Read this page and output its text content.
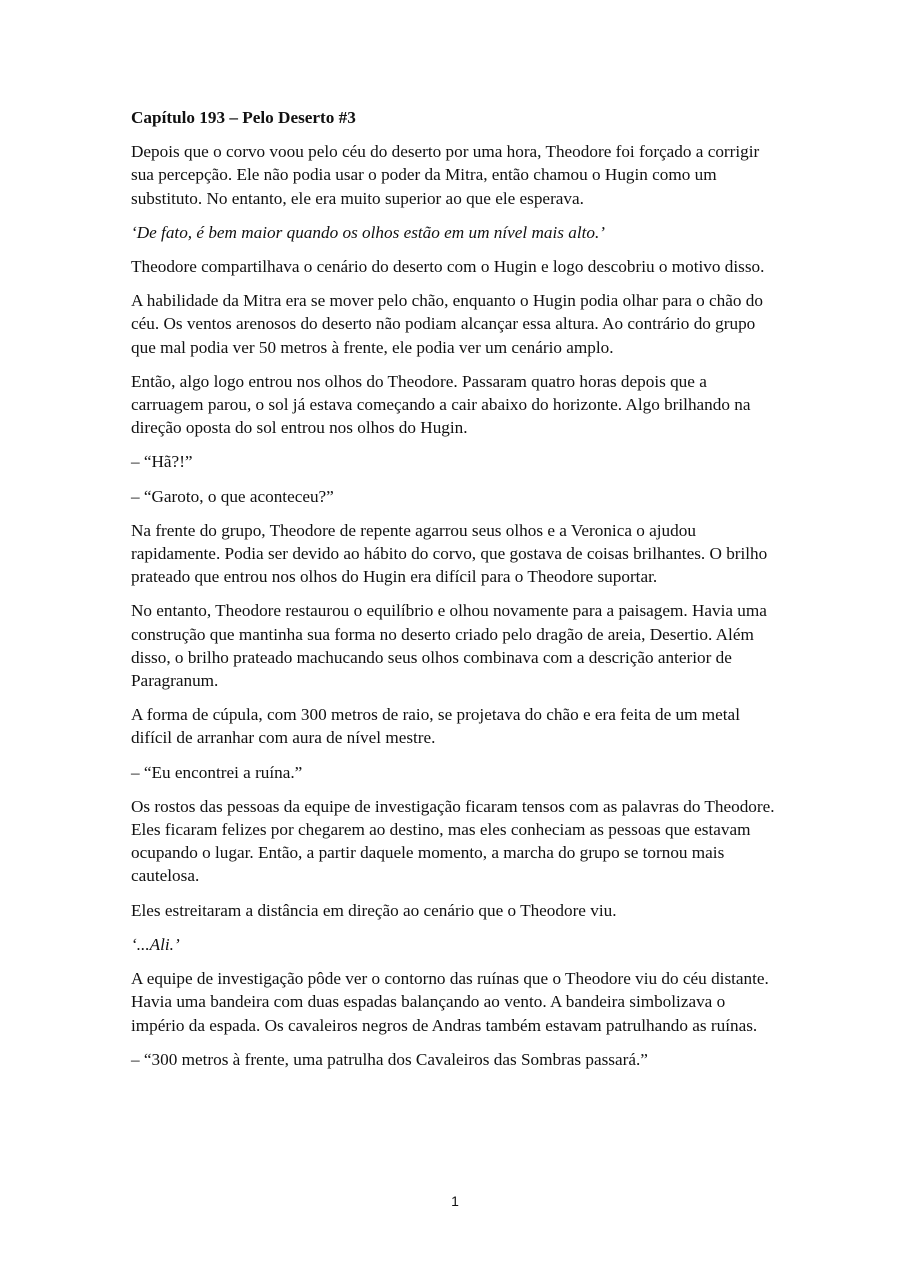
Capítulo 193 – Pelo Deserto #3

Depois que o corvo voou pelo céu do deserto por uma hora, Theodore foi forçado a corrigir sua percepção. Ele não podia usar o poder da Mitra, então chamou o Hugin como um substituto. No entanto, ele era muito superior ao que ele esperava.

‘De fato, é bem maior quando os olhos estão em um nível mais alto.’

Theodore compartilhava o cenário do deserto com o Hugin e logo descobriu o motivo disso.

A habilidade da Mitra era se mover pelo chão, enquanto o Hugin podia olhar para o chão do céu. Os ventos arenosos do deserto não podiam alcançar essa altura. Ao contrário do grupo que mal podia ver 50 metros à frente, ele podia ver um cenário amplo.

Então, algo logo entrou nos olhos do Theodore. Passaram quatro horas depois que a carruagem parou, o sol já estava começando a cair abaixo do horizonte. Algo brilhando na direção oposta do sol entrou nos olhos do Hugin.

– “Hã?!”

– “Garoto, o que aconteceu?”

Na frente do grupo, Theodore de repente agarrou seus olhos e a Veronica o ajudou rapidamente. Podia ser devido ao hábito do corvo, que gostava de coisas brilhantes. O brilho prateado que entrou nos olhos do Hugin era difícil para o Theodore suportar.

No entanto, Theodore restaurou o equilíbrio e olhou novamente para a paisagem. Havia uma construção que mantinha sua forma no deserto criado pelo dragão de areia, Desertio. Além disso, o brilho prateado machucando seus olhos combinava com a descrição anterior de Paragranum.

A forma de cúpula, com 300 metros de raio, se projetava do chão e era feita de um metal difícil de arranhar com aura de nível mestre.

– “Eu encontrei a ruína.”

Os rostos das pessoas da equipe de investigação ficaram tensos com as palavras do Theodore. Eles ficaram felizes por chegarem ao destino, mas eles conheciam as pessoas que estavam ocupando o lugar. Então, a partir daquele momento, a marcha do grupo se tornou mais cautelosa.

Eles estreitaram a distância em direção ao cenário que o Theodore viu.

‘...Ali.’

A equipe de investigação pôde ver o contorno das ruínas que o Theodore viu do céu distante. Havia uma bandeira com duas espadas balançando ao vento. A bandeira simbolizava o império da espada. Os cavaleiros negros de Andras também estavam patrulhando as ruínas.

– “300 metros à frente, uma patrulha dos Cavaleiros das Sombras passará.”

1
